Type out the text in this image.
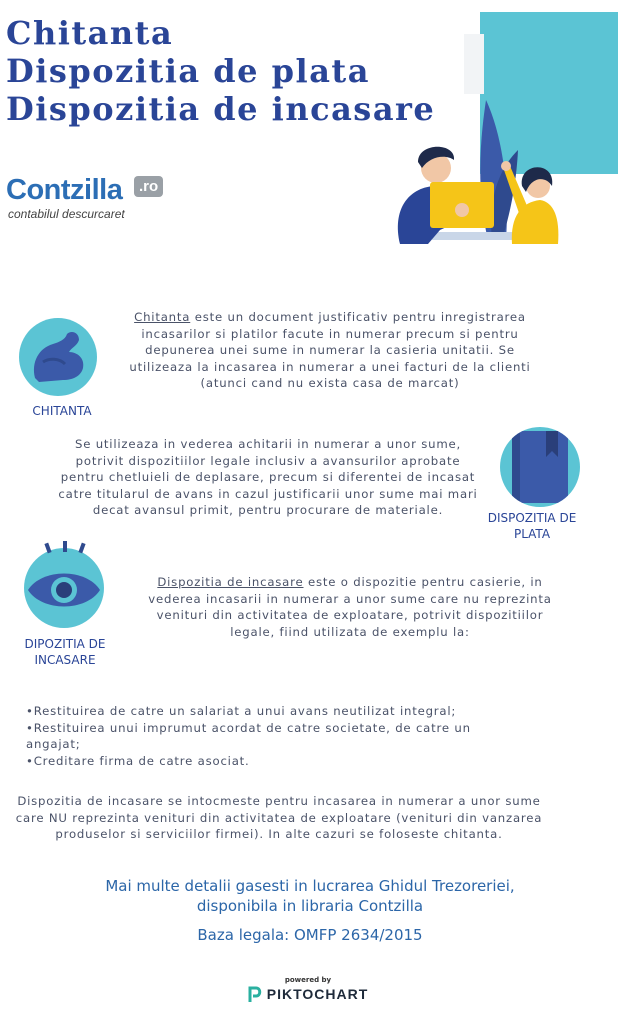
Chitanta
Dispozitia de plata
Dispozitia de incasare
Contzilla	.ro
contabilul descurcaret
CHITANTA
Chitanta este un document justificativ pentru inregistrarea incasarilor si platilor facute in numerar precum si pentru depunerea unei sume in numerar la casieria unitatii. Se utilizeaza la incasarea in numerar a unei facturi de la clienti (atunci cand nu exista casa de marcat)
Se utilizeaza in vederea achitarii in numerar a unor sume, potrivit dispozitiilor legale inclusiv a avansurilor aprobate pentru chetluieli de deplasare, precum si diferentei de incasat catre titularul de avans in cazul justificarii unor sume mai mari decat avansul primit, pentru procurare de materiale.
DISPOZITIA DE
PLATA
DIPOZITIA DE
INCASARE
Dispozitia de incasare este o dispozitie pentru casierie, in vederea incasarii in numerar a unor sume care nu reprezinta venituri din activitatea de exploatare, potrivit dispozitiilor legale, fiind utilizata de exemplu la:
• Restituirea de catre un salariat a unui avans neutilizat integral;
• Restituirea unui imprumut acordat de catre societate, de catre un angajat;
• Creditare firma de catre asociat.
Dispozitia de incasare se intocmeste pentru incasarea in numerar a unor sume care NU reprezinta venituri din activitatea de exploatare (venituri din vanzarea produselor si serviciilor firmei). In alte cazuri se foloseste chitanta.
Mai multe detalii gasesti in lucrarea Ghidul Trezoreriei,
disponibila in libraria Contzilla
Baza legala: OMFP 2634/2015
powered by
PIKTOCHART
